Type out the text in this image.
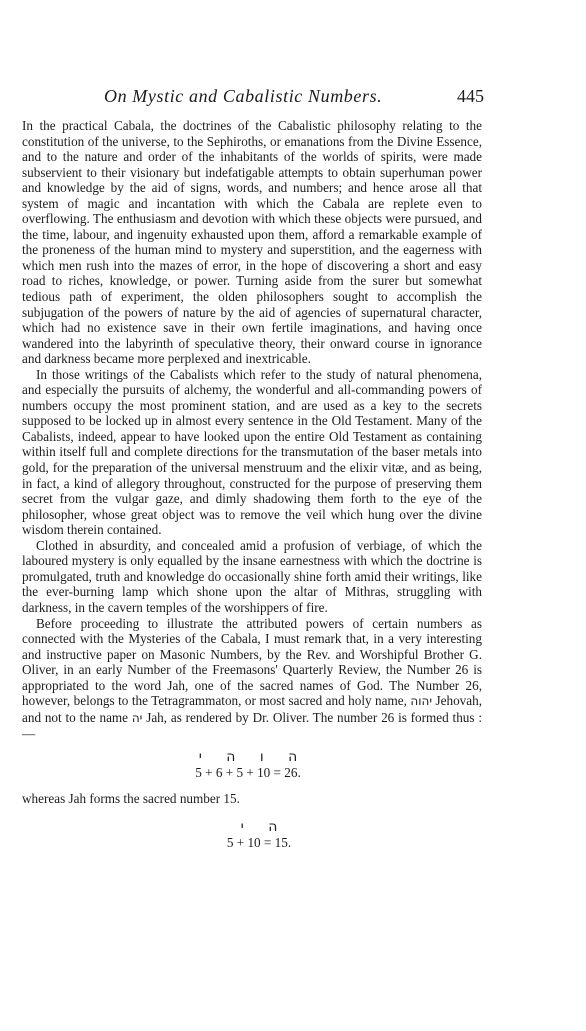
On Mystic and Cabalistic Numbers.	445

In the practical Cabala, the doctrines of the Cabalistic philosophy relating to the constitution of the universe, to the Sephiroths, or emanations from the Divine Essence, and to the nature and order of the inhabitants of the worlds of spirits, were made subservient to their visionary but indefatigable attempts to obtain superhuman power and knowledge by the aid of signs, words, and numbers; and hence arose all that system of magic and incantation with which the Cabala are replete even to overflowing. The enthusiasm and devotion with which these objects were pursued, and the time, labour, and ingenuity exhausted upon them, afford a remarkable example of the proneness of the human mind to mystery and superstition, and the eagerness with which men rush into the mazes of error, in the hope of discovering a short and easy road to riches, knowledge, or power. Turning aside from the surer but somewhat tedious path of experiment, the olden philosophers sought to accomplish the subjugation of the powers of nature by the aid of agencies of supernatural character, which had no existence save in their own fertile imaginations, and having once wandered into the labyrinth of speculative theory, their onward course in ignorance and darkness became more perplexed and inextricable.

In those writings of the Cabalists which refer to the study of natural phenomena, and especially the pursuits of alchemy, the wonderful and all-commanding powers of numbers occupy the most prominent station, and are used as a key to the secrets supposed to be locked up in almost every sentence in the Old Testament. Many of the Cabalists, indeed, appear to have looked upon the entire Old Testament as containing within itself full and complete directions for the transmutation of the baser metals into gold, for the preparation of the universal menstruum and the elixir vitæ, and as being, in fact, a kind of allegory throughout, constructed for the purpose of preserving them secret from the vulgar gaze, and dimly shadowing them forth to the eye of the philosopher, whose great object was to remove the veil which hung over the divine wisdom therein contained.

Clothed in absurdity, and concealed amid a profusion of verbiage, of which the laboured mystery is only equalled by the insane earnestness with which the doctrine is promulgated, truth and knowledge do occasionally shine forth amid their writings, like the ever-burning lamp which shone upon the altar of Mithras, struggling with darkness, in the cavern temples of the worshippers of fire.

Before proceeding to illustrate the attributed powers of certain numbers as connected with the Mysteries of the Cabala, I must remark that, in a very interesting and instructive paper on Masonic Numbers, by the Rev. and Worshipful Brother G. Oliver, in an early Number of the Freemasons' Quarterly Review, the Number 26 is appropriated to the word Jah, one of the sacred names of God. The Number 26, however, belongs to the Tetragrammaton, or most sacred and holy name, יהוה Jehovah, and not to the name יה Jah, as rendered by Dr. Oliver. The number 26 is formed thus :—

ה ו ה י
5 + 6 + 5 + 10 = 26.

whereas Jah forms the sacred number 15.

ה י
5 + 10 = 15.
